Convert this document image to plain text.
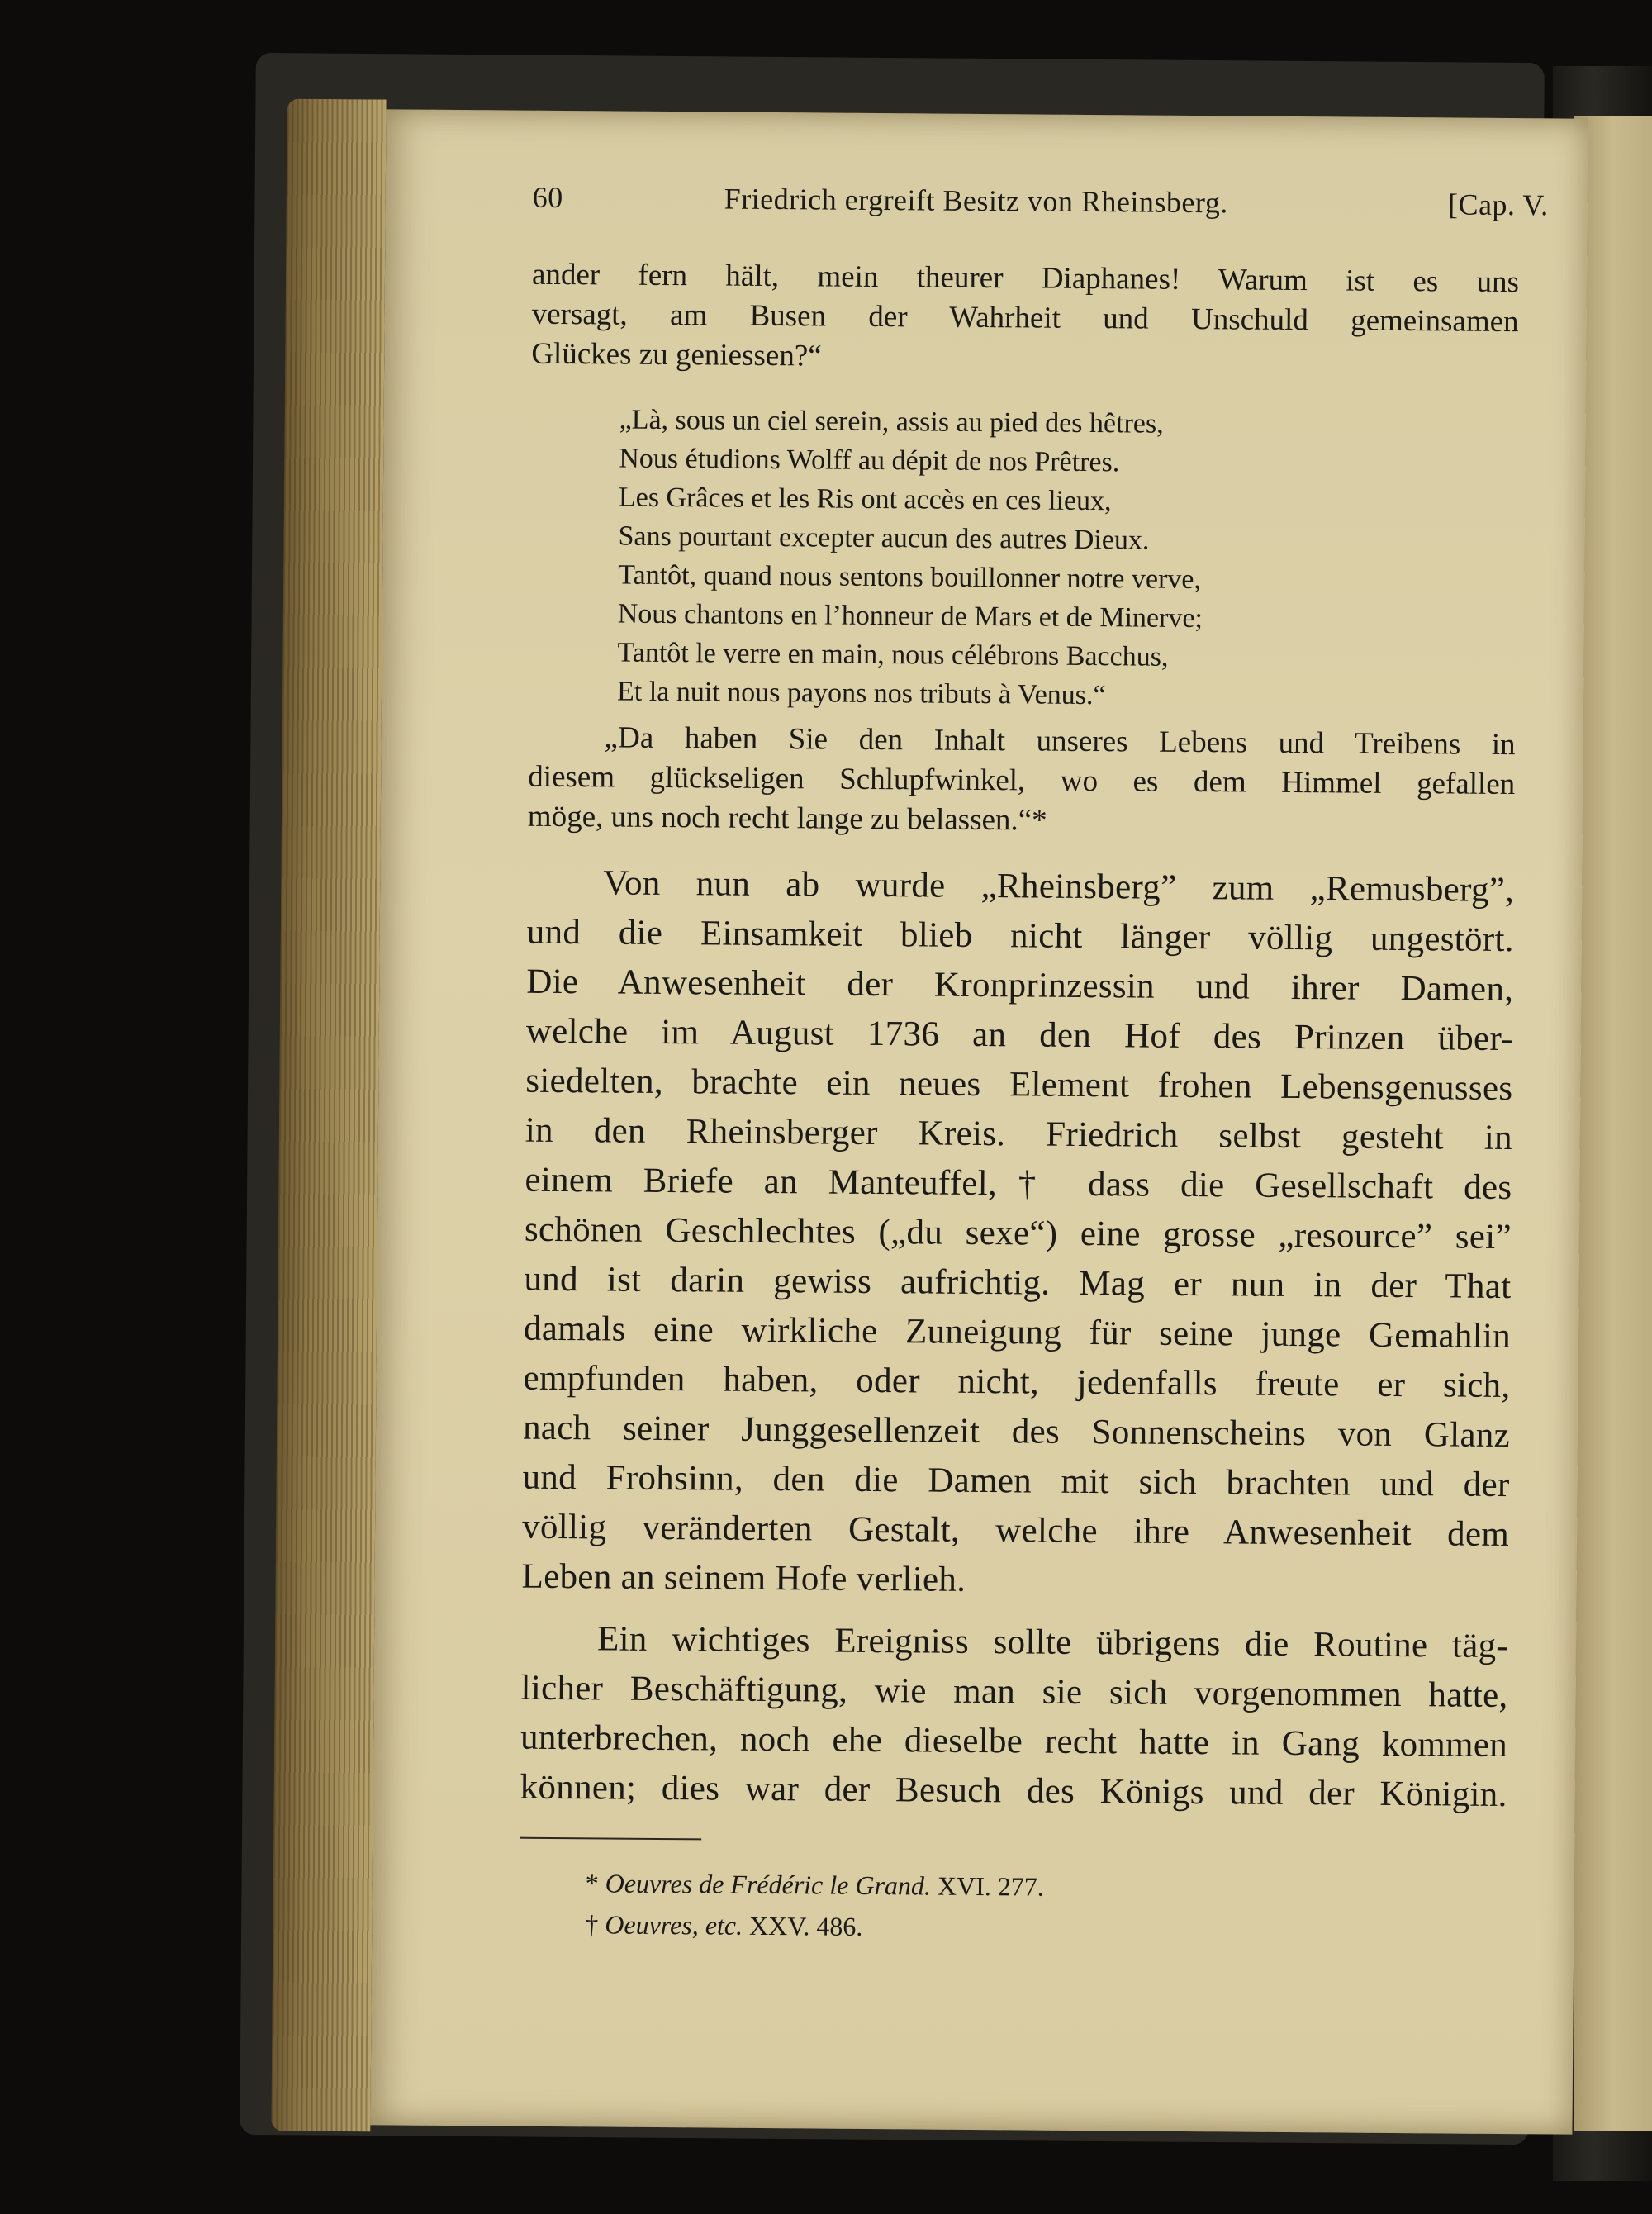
60	Friedrich ergreift Besitz von Rheinsberg.	[Cap. V.
ander fern hält, mein theurer Diaphanes! Warum ist es uns
versagt, am Busen der Wahrheit und Unschuld gemeinsamen
Glückes zu geniessen?“
„Là, sous un ciel serein, assis au pied des hêtres,
Nous étudions Wolff au dépit de nos Prêtres.
Les Grâces et les Ris ont accès en ces lieux,
Sans pourtant excepter aucun des autres Dieux.
Tantôt, quand nous sentons bouillonner notre verve,
Nous chantons en l’honneur de Mars et de Minerve;
Tantôt le verre en main, nous célébrons Bacchus,
Et la nuit nous payons nos tributs à Venus.“
„Da haben Sie den Inhalt unseres Lebens und Treibens in
diesem glückseligen Schlupfwinkel, wo es dem Himmel gefallen
möge, uns noch recht lange zu belassen.“*
Von nun ab wurde „Rheinsberg” zum „Remusberg”,
und die Einsamkeit blieb nicht länger völlig ungestört.
Die Anwesenheit der Kronprinzessin und ihrer Damen,
welche im August 1736 an den Hof des Prinzen über-
siedelten, brachte ein neues Element frohen Lebensgenusses
in den Rheinsberger Kreis. Friedrich selbst gesteht in
einem Briefe an Manteuffel,† dass die Gesellschaft des
schönen Geschlechtes („du sexe“) eine grosse „resource” sei”
und ist darin gewiss aufrichtig. Mag er nun in der That
damals eine wirkliche Zuneigung für seine junge Gemahlin
empfunden haben, oder nicht, jedenfalls freute er sich,
nach seiner Junggesellenzeit des Sonnenscheins von Glanz
und Frohsinn, den die Damen mit sich brachten und der
völlig veränderten Gestalt, welche ihre Anwesenheit dem
Leben an seinem Hofe verlieh.
Ein wichtiges Ereigniss sollte übrigens die Routine täg-
licher Beschäftigung, wie man sie sich vorgenommen hatte,
unterbrechen, noch ehe dieselbe recht hatte in Gang kommen
können; dies war der Besuch des Königs und der Königin.
* Oeuvres de Frédéric le Grand. XVI. 277.
† Oeuvres, etc. XXV. 486.
